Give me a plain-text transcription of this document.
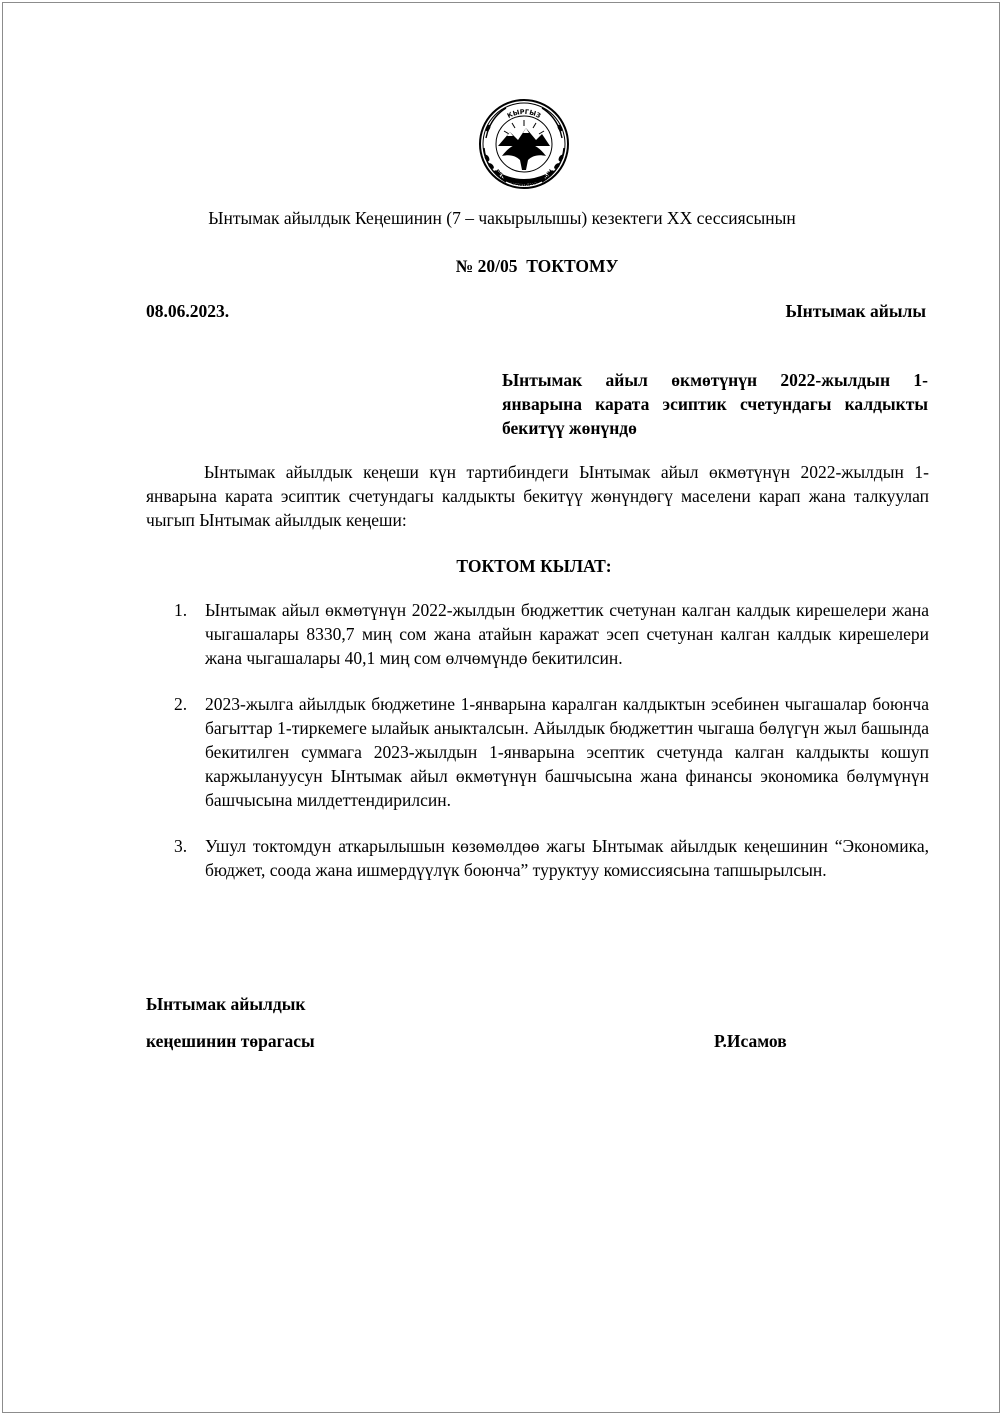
КЫРГЫЗ
РЕСПУБЛИКАСЫНЫН
Ынтымак айылдык Кеңешинин (7 – чакырылышы) кезектеги ХХ сессиясынын
№ 20/05  ТОКТОМУ
08.06.2023.	Ынтымак айылы
Ынтымак айыл өкмөтүнүн 2022-жылдын 1-январына карата эсиптик счетундагы калдыкты бекитүү жөнүндө

Ынтымак айылдык кеңеши күн тартибиндеги Ынтымак айыл өкмөтүнүн 2022-жылдын 1-январына карата эсиптик счетундагы калдыкты бекитүү жөнүндөгү маселени карап жана талкуулап чыгып Ынтымак айылдык кеңеши:

ТОКТОМ КЫЛАТ:
1. Ынтымак айыл өкмөтүнүн 2022-жылдын бюджеттик счетунан калган калдык кирешелери жана чыгашалары 8330,7 миң сом жана атайын каражат эсеп счетунан калган калдык кирешелери жана чыгашалары 40,1 миң сом өлчөмүндө бекитилсин.
2. 2023-жылга айылдык бюджетине 1-январына каралган калдыктын эсебинен чыгашалар боюнча багыттар 1-тиркемеге ылайык аныкталсын. Айылдык бюджеттин чыгаша бөлүгүн жыл башында бекитилген суммага 2023-жылдын 1-январына эсептик счетунда калган калдыкты кошуп каржылануусун Ынтымак айыл өкмөтүнүн башчысына жана финансы экономика бөлүмүнүн башчысына милдеттендирилсин.
3. Ушул токтомдун аткарылышын көзөмөлдөө жагы Ынтымак айылдык кеңешинин “Экономика, бюджет, соода жана ишмердүүлүк боюнча” туруктуу комиссиясына тапшырылсын.
Ынтымак айылдык
кеңешинин төрагасы	Р.Исамов
